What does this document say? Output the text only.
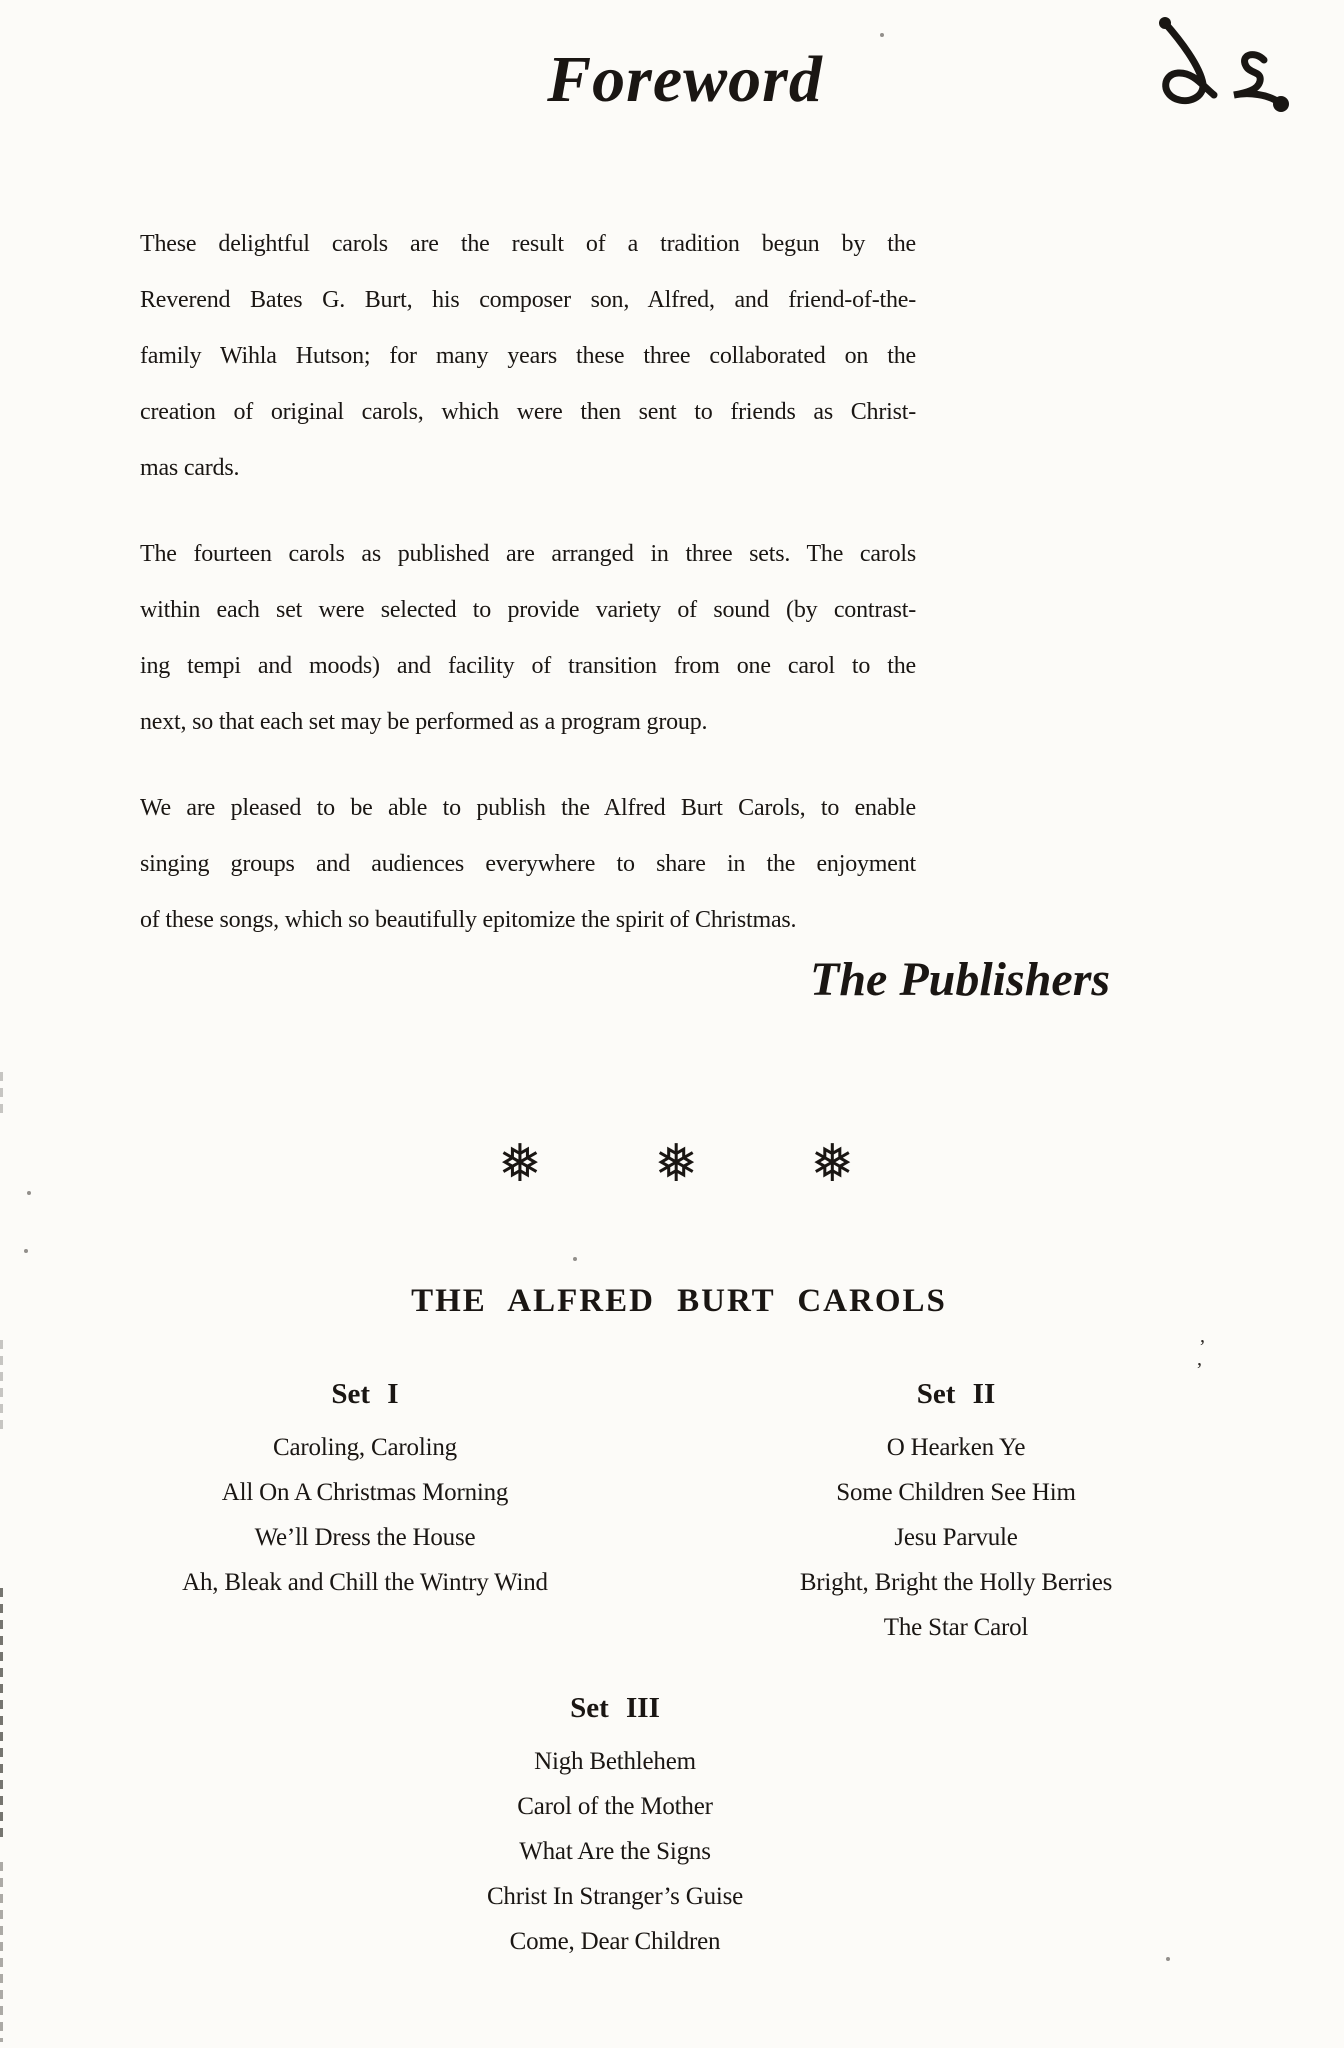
Foreword
These delightful carols are the result of a tradition begun by the
Reverend Bates G. Burt, his composer son, Alfred, and friend-of-the-
family Wihla Hutson; for many years these three collaborated on the
creation of original carols, which were then sent to friends as Christ-
mas cards.
The fourteen carols as published are arranged in three sets. The carols
within each set were selected to provide variety of sound (by contrast-
ing tempi and moods) and facility of transition from one carol to the
next, so that each set may be performed as a program group.
We are pleased to be able to publish the Alfred Burt Carols, to enable
singing groups and audiences everywhere to share in the enjoyment
of these songs, which so beautifully epitomize the spirit of Christmas.
The Publishers
❅ ❅ ❅
THE ALFRED BURT CAROLS
Set I
Caroling, Caroling
All On A Christmas Morning
We’ll Dress the House
Ah, Bleak and Chill the Wintry Wind
Set II
O Hearken Ye
Some Children See Him
Jesu Parvule
Bright, Bright the Holly Berries
The Star Carol
Set III
Nigh Bethlehem
Carol of the Mother
What Are the Signs
Christ In Stranger’s Guise
Come, Dear Children
’
’
